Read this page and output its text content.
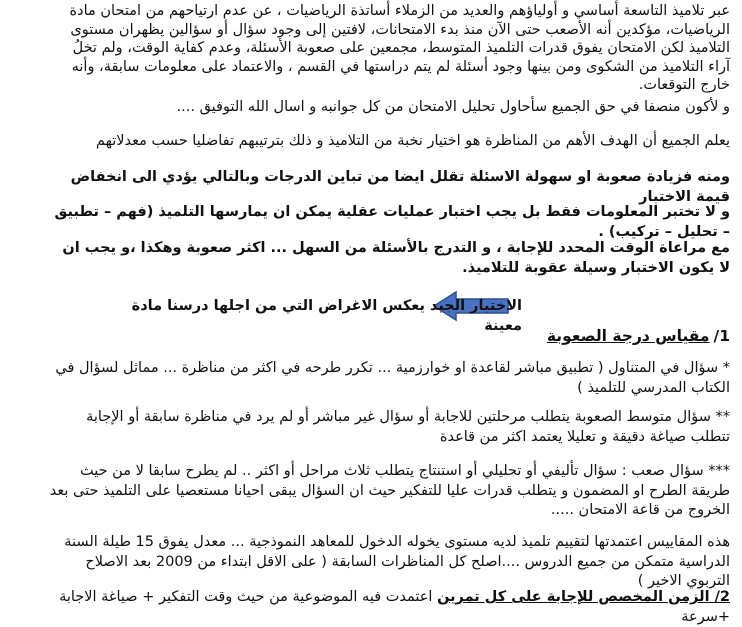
عبر تلاميذ التاسعة أساسي و أولياؤهم والعديد من الزملاء أساتذة الرياضيات ، عن عدم ارتياحهم من امتحان مادة الرياضيات، مؤكدين أنه الأصعب حتى الآن منذ بدء الامتحانات، لافتين إلى وجود سؤال أو سؤالين يظهران مستوى التلاميذ لكن الامتحان يفوق قدرات التلميذ المتوسط، مجمعين على صعوبة الأسئلة، وعدم كفاية الوقت، ولم تخلُ آراء التلاميذ من الشكوى ومن بينها وجود أسئلة لم يتم دراستها في القسم ، والاعتماد على معلومات سابقة، وأنه خارج التوقعات.
و لأكون منصفا في حق الجميع سأحاول تحليل الامتحان من كل جوانبه و اسال الله التوفيق ....
يعلم الجميع أن الهدف الأهم من المناظرة هو اختيار نخبة من التلاميذ و ذلك بترتيبهم تفاضليا حسب معدلاتهم
ومنه فزيادة صعوبة او سهولة الاسئلة تقلل ايضا من تباين الدرجات وبالتالي يؤدي الى انخفاض قيمة الاختبار
و لا تختبر المعلومات فقط بل يجب اختبار عمليات عقلية يمكن ان يمارسها التلميذ (فهم – تطبيق – تحليل – تركيب) .
مع مراعاة الوقت المحدد للإجابة ، و التدرج بالأسئلة من السهل ... اكثر صعوبة وهكذا ،و يجب ان لا يكون الاختبار وسيلة عقوبة للتلاميذ.
الاختبار الجيد يعكس الاغراض التي من اجلها درسنا مادة معينة
1/مقياس درجة الصعوبة
* سؤال في المتناول ( تطبيق مباشر لقاعدة او خوارزمية ... تكرر طرحه في اكثر من مناظرة ... مماثل لسؤال في الكتاب المدرسي للتلميذ )
** سؤال متوسط الصعوبة يتطلب مرحلتين للاجابة أو سؤال غير مباشر أو لم يرد في مناظرة سابقة أو الإجابة تتطلب صياغة دقيقة و تعليلا يعتمد اكثر من قاعدة
*** سؤال صعب : سؤال تأليفي أو تحليلي أو استنتاج يتطلب ثلاث مراحل أو اكثر .. لم يطرح سابقا لا من حيث طريقة الطرح او المضمون و يتطلب قدرات عليا للتفكير حيث ان السؤال يبقى احيانا مستعصيا على التلميذ حتى بعد الخروج من قاعة الامتحان .....
هذه المقاييس اعتمدتها لتقييم تلميذ لديه مستوى يخوله الدخول للمعاهد النموذجية ... معدل يفوق 15 طيلة السنة الدراسية متمكن من جميع الدروس ....اصلح كل المناظرات السابقة ( على الاقل ابتداء من 2009 بعد الاصلاح التربوي الاخير )
2/ الزمن المخصص للإجابة على كل تمرين اعتمدت فيه الموضوعية من حيث وقت التفكير + صياغة الاجابة +سرعة
